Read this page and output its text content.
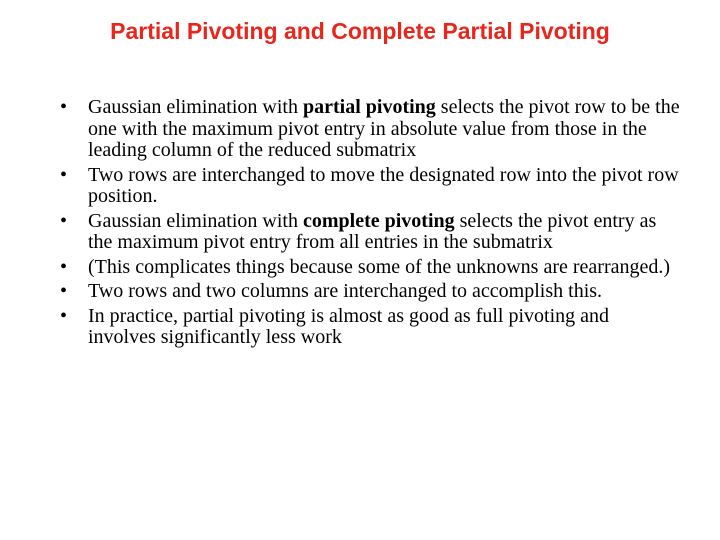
Partial Pivoting and Complete Partial Pivoting
•	Gaussian elimination with partial pivoting selects the pivot row to be the one with the maximum pivot entry in absolute value from those in the leading column of the reduced submatrix
•	Two rows are interchanged to move the designated row into the pivot row position.
•	Gaussian elimination with complete pivoting selects the pivot entry as the maximum pivot entry from all entries in the submatrix
•	(This complicates things because some of the unknowns are rearranged.)
•	Two rows and two columns are interchanged to accomplish this.
•	In practice, partial pivoting is almost as good as full pivoting and involves significantly less work
